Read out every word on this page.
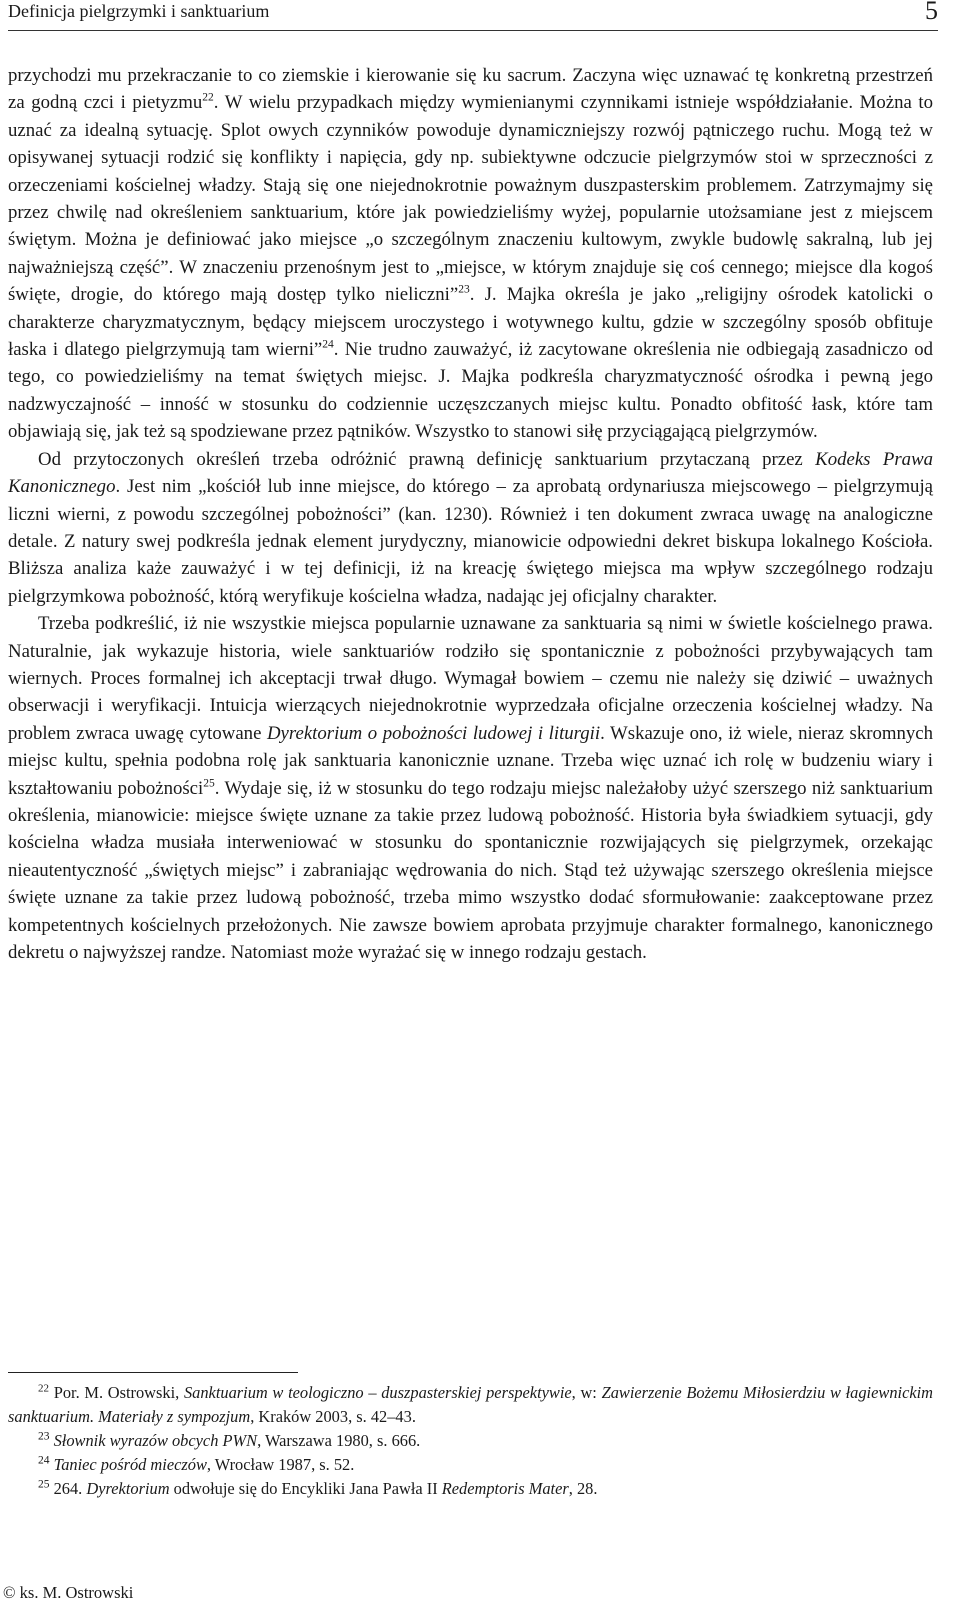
Definicja pielgrzymki i sanktuarium	5

przychodzi mu przekraczanie to co ziemskie i kierowanie się ku sacrum. Zaczyna więc uznawać tę konkretną przestrzeń za godną czci i pietyzmu$^{22}$. W wielu przypadkach między wymienianymi czynnikami istnieje współdziałanie. Można to uznać za idealną sytuację. Splot owych czynników powoduje dynamiczniejszy rozwój pątniczego ruchu. Mogą też w opisywanej sytuacji rodzić się konflikty i napięcia, gdy np. subiektywne odczucie pielgrzymów stoi w sprzeczności z orzeczeniami kościelnej władzy. Stają się one niejednokrotnie poważnym duszpasterskim problemem. Zatrzymajmy się przez chwilę nad określeniem sanktuarium, które jak powiedzieliśmy wyżej, popularnie utożsamiane jest z miejscem świętym. Można je definiować jako miejsce „o szczególnym znaczeniu kultowym, zwykle budowlę sakralną, lub jej najważniejszą część”. W znaczeniu przenośnym jest to „miejsce, w którym znajduje się coś cennego; miejsce dla kogoś święte, drogie, do którego mają dostęp tylko nieliczni”$^{23}$. J. Majka określa je jako „religijny ośrodek katolicki o charakterze charyzmatycznym, będący miejscem uroczystego i wotywnego kultu, gdzie w szczególny sposób obfituje łaska i dlatego pielgrzymują tam wierni”$^{24}$. Nie trudno zauważyć, iż zacytowane określenia nie odbiegają zasadniczo od tego, co powiedzieliśmy na temat świętych miejsc. J. Majka podkreśla charyzmatyczność ośrodka i pewną jego nadzwyczajność – inność w stosunku do codziennie uczęszczanych miejsc kultu. Ponadto obfitość łask, które tam objawiają się, jak też są spodziewane przez pątników. Wszystko to stanowi siłę przyciągającą pielgrzymów.

Od przytoczonych określeń trzeba odróżnić prawną definicję sanktuarium przytaczaną przez Kodeks Prawa Kanonicznego. Jest nim „kościół lub inne miejsce, do którego – za aprobatą ordynariusza miejscowego – pielgrzymują liczni wierni, z powodu szczególnej pobożności” (kan. 1230). Również i ten dokument zwraca uwagę na analogiczne detale. Z natury swej podkreśla jednak element jurydyczny, mianowicie odpowiedni dekret biskupa lokalnego Kościoła. Bliższa analiza każe zauważyć i w tej definicji, iż na kreację świętego miejsca ma wpływ szczególnego rodzaju pielgrzymkowa pobożność, którą weryfikuje kościelna władza, nadając jej oficjalny charakter.

Trzeba podkreślić, iż nie wszystkie miejsca popularnie uznawane za sanktuaria są nimi w świetle kościelnego prawa. Naturalnie, jak wykazuje historia, wiele sanktuariów rodziło się spontanicznie z pobożności przybywających tam wiernych. Proces formalnej ich akceptacji trwał długo. Wymagał bowiem – czemu nie należy się dziwić – uważnych obserwacji i weryfikacji. Intuicja wierzących niejednokrotnie wyprzedzała oficjalne orzeczenia kościelnej władzy. Na problem zwraca uwagę cytowane Dyrektorium o pobożności ludowej i liturgii. Wskazuje ono, iż wiele, nieraz skromnych miejsc kultu, spełnia podobna rolę jak sanktuaria kanonicznie uznane. Trzeba więc uznać ich rolę w budzeniu wiary i kształtowaniu pobożności$^{25}$. Wydaje się, iż w stosunku do tego rodzaju miejsc należałoby użyć szerszego niż sanktuarium określenia, mianowicie: miejsce święte uznane za takie przez ludową pobożność. Historia była świadkiem sytuacji, gdy kościelna władza musiała interweniować w stosunku do spontanicznie rozwijających się pielgrzymek, orzekając nieautentyczność „świętych miejsc” i zabraniając wędrowania do nich. Stąd też używając szerszego określenia miejsce święte uznane za takie przez ludową pobożność, trzeba mimo wszystko dodać sformułowanie: zaakceptowane przez kompetentnych kościelnych przełożonych. Nie zawsze bowiem aprobata przyjmuje charakter formalnego, kanonicznego dekretu o najwyższej randze. Natomiast może wyrażać się w innego rodzaju gestach.

$^{22}$ Por. M. Ostrowski, Sanktuarium w teologiczno – duszpasterskiej perspektywie, w: Zawierzenie Bożemu Miłosierdziu w łagiewnickim sanktuarium. Materiały z sympozjum, Kraków 2003, s. 42–43.

$^{23}$ Słownik wyrazów obcych PWN, Warszawa 1980, s. 666.

$^{24}$ Taniec pośród mieczów, Wrocław 1987, s. 52.

$^{25}$ 264. Dyrektorium odwołuje się do Encykliki Jana Pawła II Redemptoris Mater, 28.

© ks. M. Ostrowski
